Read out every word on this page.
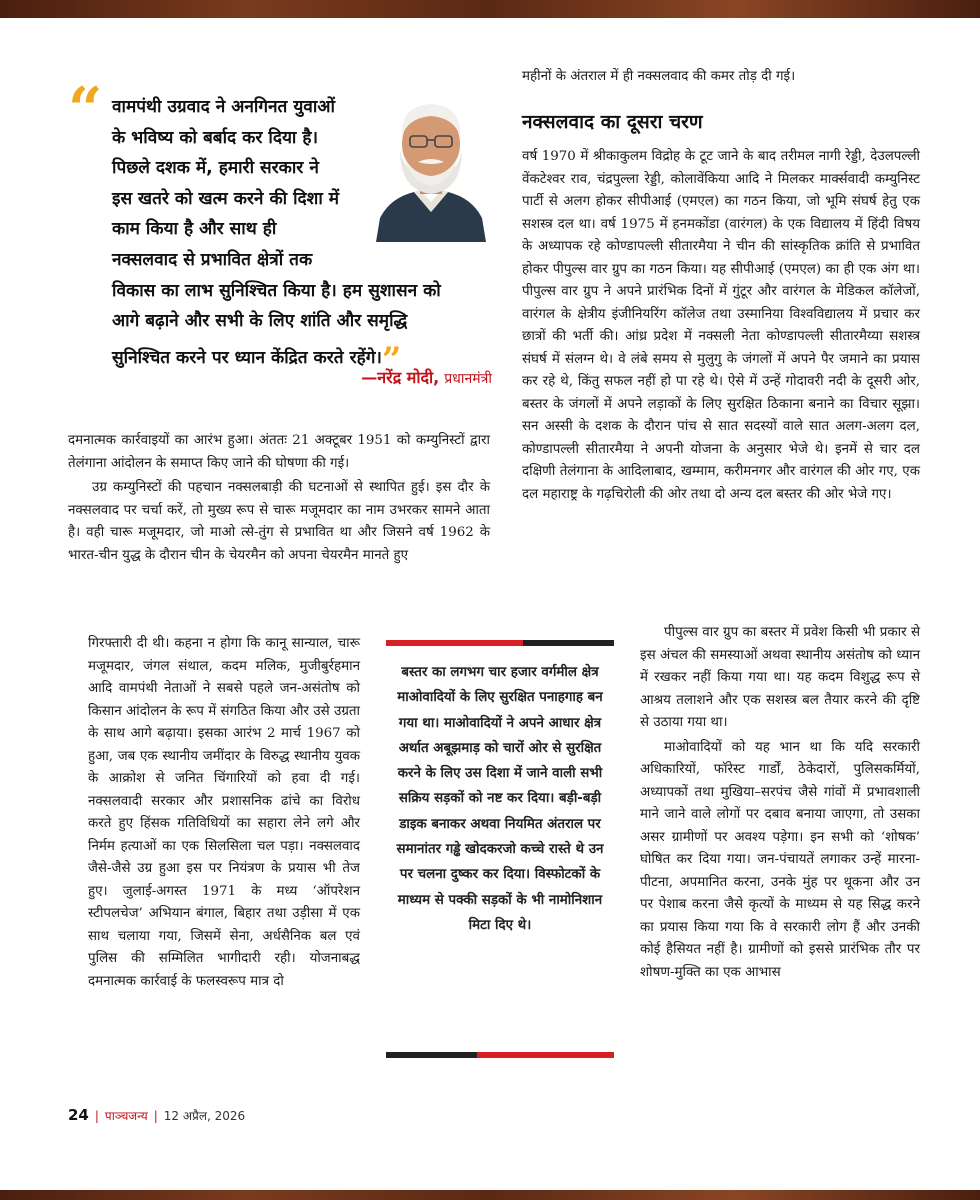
“ वामपंथी उग्रवाद ने अनगिनत युवाओं
के भविष्य को बर्बाद कर दिया है।
पिछले दशक में, हमारी सरकार ने
इस खतरे को खत्म करने की दिशा में
काम किया है और साथ ही
नक्सलवाद से प्रभावित क्षेत्रों तक
विकास का लाभ सुनिश्चित किया है। हम सुशासन को
आगे बढ़ाने और सभी के लिए शांति और समृद्धि
सुनिश्चित करने पर ध्यान केंद्रित करते रहेंगे।”
—नरेंद्र मोदी, प्रधानमंत्री

दमनात्मक कार्रवाइयों का आरंभ हुआ। अंततः 21 अक्टूबर 1951 को कम्युनिस्टों द्वारा तेलंगाना आंदोलन के समाप्त किए जाने की घोषणा की गई।

उग्र कम्युनिस्टों की पहचान नक्सलबाड़ी की घटनाओं से स्थापित हुई। इस दौर के नक्सलवाद पर चर्चा करें, तो मुख्य रूप से चारू मजूमदार का नाम उभरकर सामने आता है। वही चारू मजूमदार, जो माओ त्से-तुंग से प्रभावित था और जिसने वर्ष 1962 के भारत-चीन युद्ध के दौरान चीन के चेयरमैन को अपना चेयरमैन मानते हुए

गिरफ्तारी दी थी। कहना न होगा कि कानू सान्याल, चारू मजूमदार, जंगल संथाल, कदम मलिक, मुजीबुर्रहमान आदि वामपंथी नेताओं ने सबसे पहले जन-असंतोष को किसान आंदोलन के रूप में संगठित किया और उसे उग्रता के साथ आगे बढ़ाया। इसका आरंभ 2 मार्च 1967 को हुआ, जब एक स्थानीय जमींदार के विरुद्ध स्थानीय युवक के आक्रोश से जनित चिंगारियों को हवा दी गई। नक्सलवादी सरकार और प्रशासनिक ढांचे का विरोध करते हुए हिंसक गतिविधियों का सहारा लेने लगे और निर्मम हत्याओं का एक सिलसिला चल पड़ा। नक्सलवाद जैसे-जैसे उग्र हुआ इस पर नियंत्रण के प्रयास भी तेज हुए। जुलाई-अगस्त 1971 के मध्य ‘ऑपरेशन स्टीपलचेज’ अभियान बंगाल, बिहार तथा उड़ीसा में एक साथ चलाया गया, जिसमें सेना, अर्धसैनिक बल एवं पुलिस की सम्मिलित भागीदारी रही। योजनाबद्ध दमनात्मक कार्रवाई के फलस्वरूप मात्र दो

महीनों के अंतराल में ही नक्सलवाद की कमर तोड़ दी गई।

नक्सलवाद का दूसरा चरण

वर्ष 1970 में श्रीकाकुलम विद्रोह के टूट जाने के बाद तरीमल नागी रेड्डी, देउलपल्ली वेंकटेश्वर राव, चंद्रपुल्ला रेड्डी, कोलावेंकिया आदि ने मिलकर मार्क्सवादी कम्युनिस्ट पार्टी से अलग होकर सीपीआई (एमएल) का गठन किया, जो भूमि संघर्ष हेतु एक सशस्त्र दल था। वर्ष 1975 में हनमकोंडा (वारंगल) के एक विद्यालय में हिंदी विषय के अध्यापक रहे कोण्डापल्ली सीतारमैया ने चीन की सांस्कृतिक क्रांति से प्रभावित होकर पीपुल्स वार ग्रुप का गठन किया। यह सीपीआई (एमएल) का ही एक अंग था। पीपुल्स वार ग्रुप ने अपने प्रारंभिक दिनों में गुंटूर और वारंगल के मेडिकल कॉलेजों, वारंगल के क्षेत्रीय इंजीनियरिंग कॉलेज तथा उस्मानिया विश्वविद्यालय में प्रचार कर छात्रों की भर्ती की। आंध्र प्रदेश में नक्सली नेता कोण्डापल्ली सीतारमैय्या सशस्त्र संघर्ष में संलग्न थे। वे लंबे समय से मुलुगु के जंगलों में अपने पैर जमाने का प्रयास कर रहे थे, किंतु सफल नहीं हो पा रहे थे। ऐसे में उन्हें गोदावरी नदी के दूसरी ओर, बस्तर के जंगलों में अपने लड़ाकों के लिए सुरक्षित ठिकाना बनाने का विचार सूझा। सन अस्सी के दशक के दौरान पांच से सात सदस्यों वाले सात अलग-अलग दल, कोण्डापल्ली सीतारमैया ने अपनी योजना के अनुसार भेजे थे। इनमें से चार दल दक्षिणी तेलंगाना के आदिलाबाद, खम्माम, करीमनगर और वारंगल की ओर गए, एक दल महाराष्ट्र के गढ़चिरोली की ओर तथा दो अन्य दल बस्तर की ओर भेजे गए।

पीपुल्स वार ग्रुप का बस्तर में प्रवेश किसी भी प्रकार से इस अंचल की समस्याओं अथवा स्थानीय असंतोष को ध्यान में रखकर नहीं किया गया था। यह कदम विशुद्ध रूप से आश्रय तलाशने और एक सशस्त्र बल तैयार करने की दृष्टि से उठाया गया था।

माओवादियों को यह भान था कि यदि सरकारी अधिकारियों, फॉरेस्ट गार्डों, ठेकेदारों, पुलिसकर्मियों, अध्यापकों तथा मुखिया–सरपंच जैसे गांवों में प्रभावशाली माने जाने वाले लोगों पर दबाव बनाया जाएगा, तो उसका असर ग्रामीणों पर अवश्य पड़ेगा। इन सभी को ‘शोषक’ घोषित कर दिया गया। जन-पंचायतें लगाकर उन्हें मारना-पीटना, अपमानित करना, उनके मुंह पर थूकना और उन पर पेशाब करना जैसे कृत्यों के माध्यम से यह सिद्ध करने का प्रयास किया गया कि वे सरकारी लोग हैं और उनकी कोई हैसियत नहीं है। ग्रामीणों को इससे प्रारंभिक तौर पर शोषण-मुक्ति का एक आभास

बस्तर का लगभग चार हजार वर्गमील क्षेत्र माओवादियों के लिए सुरक्षित पनाहगाह बन गया था। माओवादियों ने अपने आधार क्षेत्र अर्थात अबूझमाड़ को चारों ओर से सुरक्षित करने के लिए उस दिशा में जाने वाली सभी सक्रिय सड़कों को नष्ट कर दिया। बड़ी-बड़ी डाइक बनाकर अथवा नियमित अंतराल पर समानांतर गड्ढे खोदकरजो कच्चे रास्ते थे उन पर चलना दुष्कर कर दिया। विस्फोटकों के माध्यम से पक्की सड़कों के भी नामोनिशान मिटा दिए थे।
24 | पाञ्चजन्य | 12 अप्रैल, 2026
